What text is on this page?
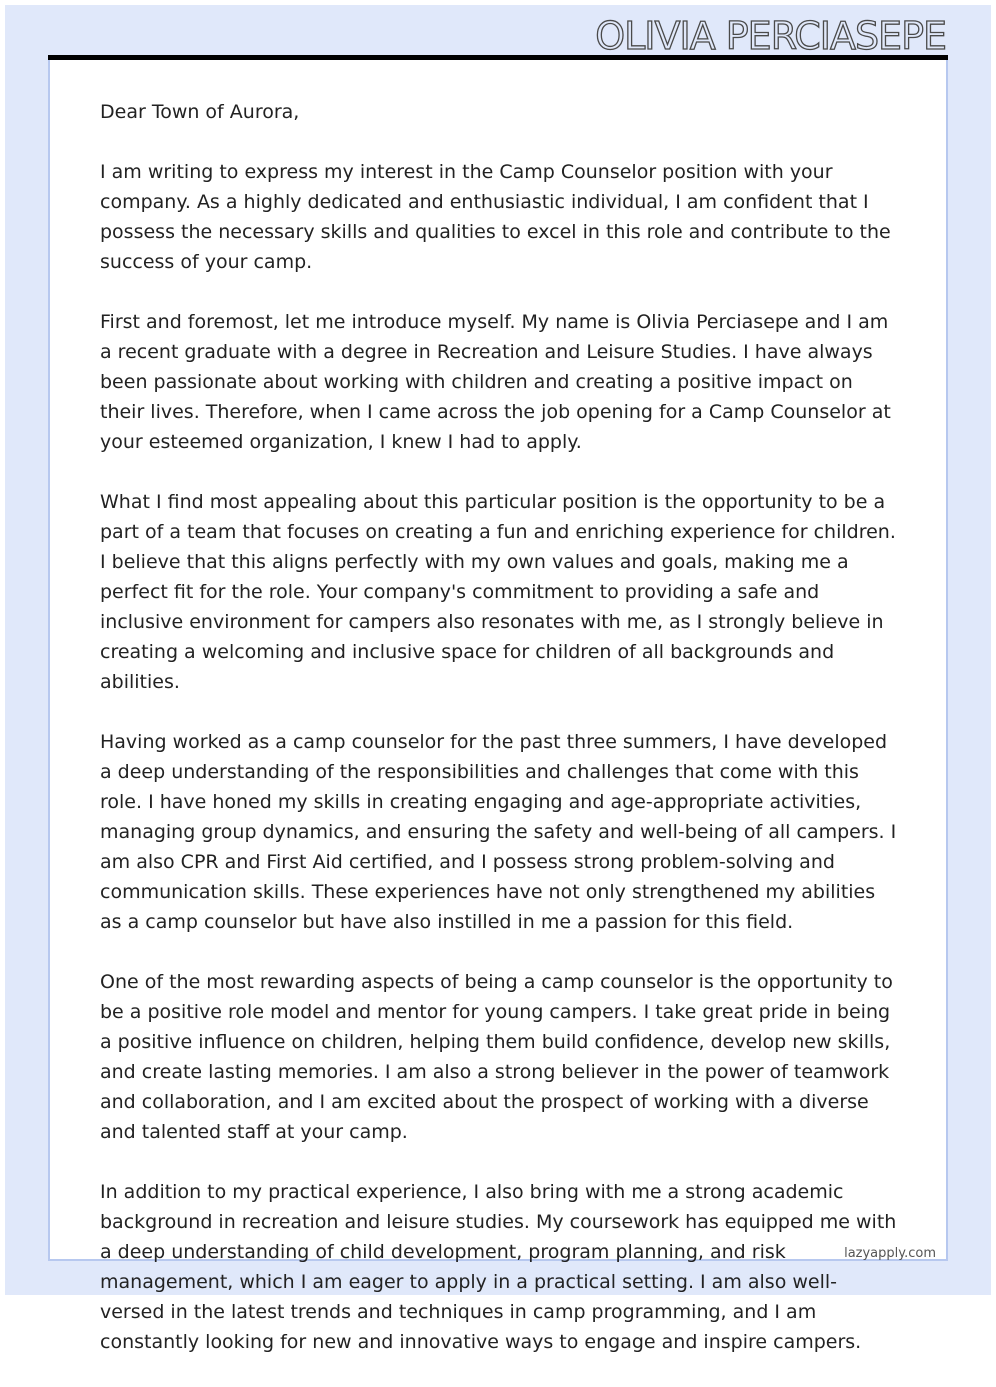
OLIVIA PERCIASEPE

Dear Town of Aurora,

I am writing to express my interest in the Camp Counselor position with your company. As a highly dedicated and enthusiastic individual, I am confident that I possess the necessary skills and qualities to excel in this role and contribute to the success of your camp.

First and foremost, let me introduce myself. My name is Olivia Perciasepe and I am a recent graduate with a degree in Recreation and Leisure Studies. I have always been passionate about working with children and creating a positive impact on their lives. Therefore, when I came across the job opening for a Camp Counselor at your esteemed organization, I knew I had to apply.

What I find most appealing about this particular position is the opportunity to be a part of a team that focuses on creating a fun and enriching experience for children. I believe that this aligns perfectly with my own values and goals, making me a perfect fit for the role. Your company's commitment to providing a safe and inclusive environment for campers also resonates with me, as I strongly believe in creating a welcoming and inclusive space for children of all backgrounds and abilities.

Having worked as a camp counselor for the past three summers, I have developed a deep understanding of the responsibilities and challenges that come with this role. I have honed my skills in creating engaging and age-appropriate activities, managing group dynamics, and ensuring the safety and well-being of all campers. I am also CPR and First Aid certified, and I possess strong problem-solving and communication skills. These experiences have not only strengthened my abilities as a camp counselor but have also instilled in me a passion for this field.

One of the most rewarding aspects of being a camp counselor is the opportunity to be a positive role model and mentor for young campers. I take great pride in being a positive influence on children, helping them build confidence, develop new skills, and create lasting memories. I am also a strong believer in the power of teamwork and collaboration, and I am excited about the prospect of working with a diverse and talented staff at your camp.

In addition to my practical experience, I also bring with me a strong academic background in recreation and leisure studies. My coursework has equipped me with a deep understanding of child development, program planning, and risk management, which I am eager to apply in a practical setting. I am also well-versed in the latest trends and techniques in camp programming, and I am constantly looking for new and innovative ways to engage and inspire campers.

lazyapply.com
